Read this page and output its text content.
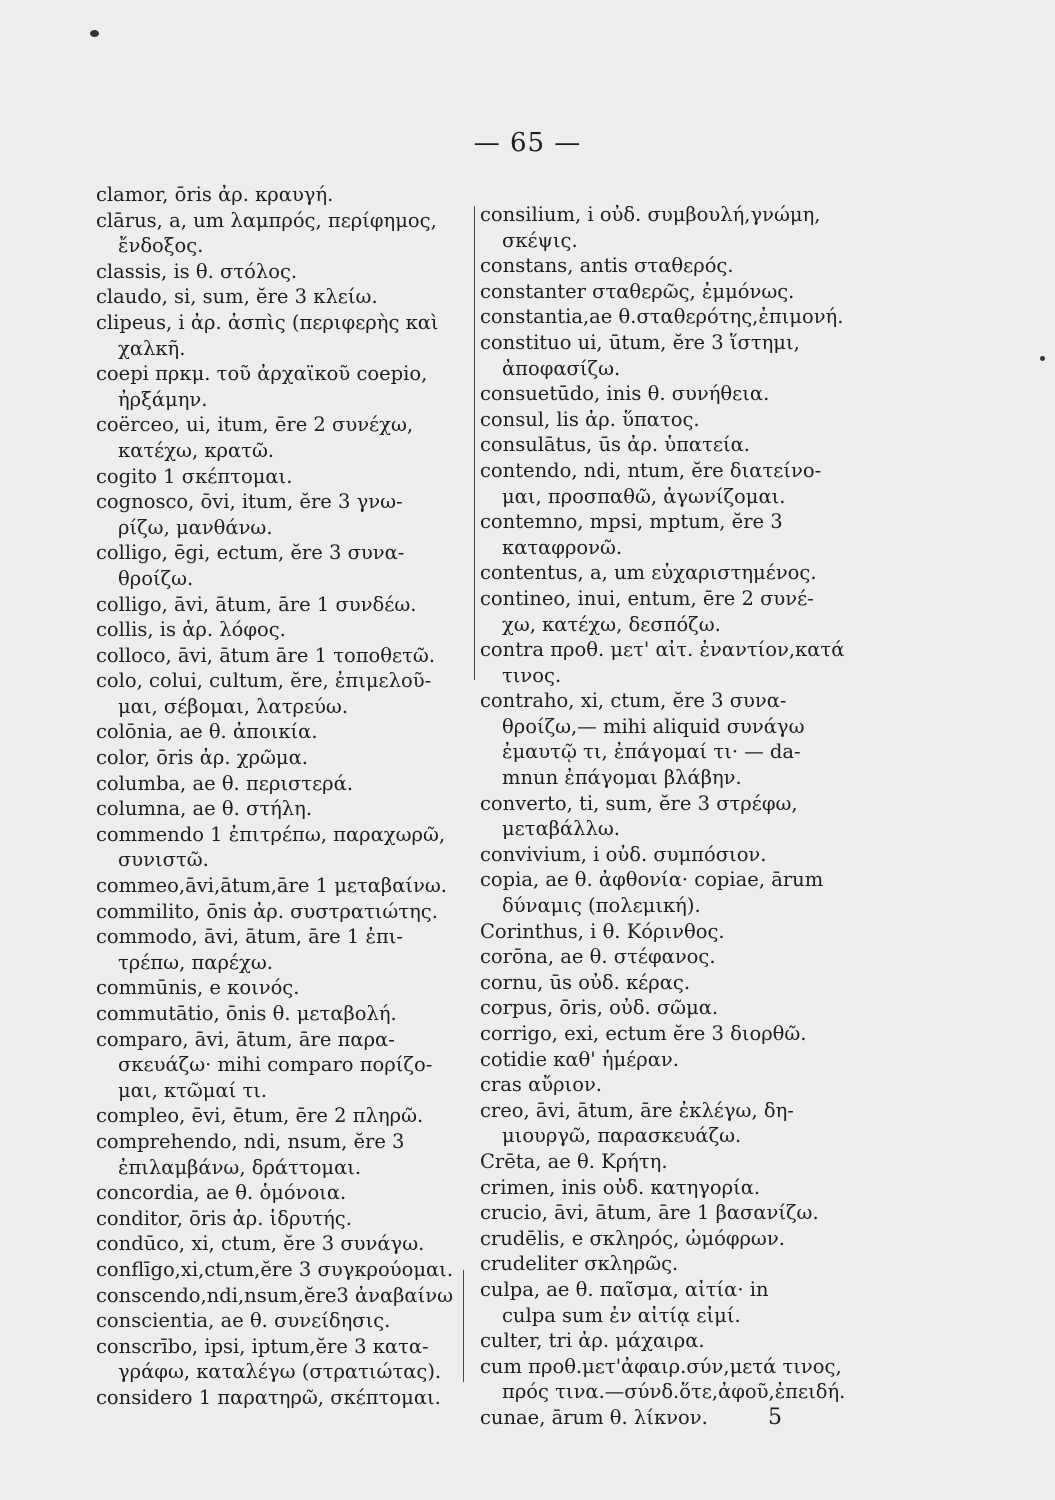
— 65 —
clamor, ōris ἀρ. κραυγή.
clārus, a, um λαμπρός, περίφημος,
ἔνδοξος.
classis, is θ. στόλος.
claudo, si, sum, ĕre 3 κλείω.
clipeus, i ἀρ. ἀσπὶς (περιφερὴς καὶ
χαλκῆ.
coepi πρκμ. τοῦ ἀρχαϊκοῦ coepio,
ἠρξάμην.
coërceo, ui, itum, ēre 2 συνέχω,
κατέχω, κρατῶ.
cogito 1 σκέπτομαι.
cognosco, ōvi, itum, ĕre 3 γνω-
ρίζω, μανθάνω.
colligo, ēgi, ectum, ĕre 3 συνα-
θροίζω.
colligo, āvi, ātum, āre 1 συνδέω.
collis, is ἀρ. λόφος.
colloco, āvi, ātum āre 1 τοποθετῶ.
colo, colui, cultum, ĕre, ἐπιμελοῦ-
μαι, σέβομαι, λατρεύω.
colōnia, ae θ. ἀποικία.
color, ōris ἀρ. χρῶμα.
columba, ae θ. περιστερά.
columna, ae θ. στήλη.
commendo 1 ἐπιτρέπω, παραχωρῶ,
συνιστῶ.
commeo,āvi,ātum,āre 1 μεταβαίνω.
commilito, ōnis ἀρ. συστρατιώτης.
commodo, āvi, ātum, āre 1 ἐπι-
τρέπω, παρέχω.
commūnis, e κοινός.
commutātio, ōnis θ. μεταβολή.
comparo, āvi, ātum, āre παρα-
σκευάζω· mihi comparo πορίζο-
μαι, κτῶμαί τι.
compleo, ēvi, ētum, ēre 2 πληρῶ.
comprehendo, ndi, nsum, ĕre 3
ἐπιλαμβάνω, δράττομαι.
concordia, ae θ. ὁμόνοια.
conditor, ōris ἀρ. ἱδρυτής.
condūco, xi, ctum, ĕre 3 συνάγω.
conflīgo,xi,ctum,ĕre 3 συγκρούομαι.
conscendo,ndi,nsum,ĕre3 ἀναβαίνω
conscientia, ae θ. συνείδησις.
conscrībo, ipsi, iptum,ĕre 3 κατα-
γράφω, καταλέγω (στρατιώτας).
considero 1 παρατηρῶ, σκέπτομαι.
consilium, i οὐδ. συμβουλή,γνώμη,
σκέψις.
constans, antis σταθερός.
constanter σταθερῶς, ἐμμόνως.
constantia,ae θ.σταθερότης,ἐπιμονή.
constituo ui, ūtum, ĕre 3 ἵστημι,
ἀποφασίζω.
consuetūdo, inis θ. συνήθεια.
consul, lis ἀρ. ὕπατος.
consulātus, ūs ἀρ. ὑπατεία.
contendo, ndi, ntum, ĕre διατείνο-
μαι, προσπαθῶ, ἀγωνίζομαι.
contemno, mpsi, mptum, ĕre 3
καταφρονῶ.
contentus, a, um εὐχαριστημένος.
contineo, inui, entum, ēre 2 συνέ-
χω, κατέχω, δεσπόζω.
contra προθ. μετ' αἰτ. ἐναντίον,κατά
τινος.
contraho, xi, ctum, ĕre 3 συνα-
θροίζω,— mihi aliquid συνάγω
ἐμαυτῷ τι, ἐπάγομαί τι· — da-
mnun ἐπάγομαι βλάβην.
converto, ti, sum, ĕre 3 στρέφω,
μεταβάλλω.
convivium, i οὐδ. συμπόσιον.
copia, ae θ. ἀφθονία· copiae, ārum
δύναμις (πολεμική).
Corinthus, i θ. Κόρινθος.
corōna, ae θ. στέφανος.
cornu, ūs οὐδ. κέρας.
corpus, ōris, οὐδ. σῶμα.
corrigo, exi, ectum ĕre 3 διορθῶ.
cotidie καθ' ἡμέραν.
cras αὔριον.
creo, āvi, ātum, āre ἐκλέγω, δη-
μιουργῶ, παρασκευάζω.
Crēta, ae θ. Κρήτη.
crimen, inis οὐδ. κατηγορία.
crucio, āvi, ātum, āre 1 βασανίζω.
crudēlis, e σκληρός, ὠμόφρων.
crudeliter σκληρῶς.
culpa, ae θ. παῖσμα, αἰτία· in
culpa sum ἐν αἰτίᾳ εἰμί.
culter, tri ἀρ. μάχαιρα.
cum προθ.μετ'ἀφαιρ.σύν,μετά τινος,
πρός τινα.—σύνδ.ὅτε,ἀφοῦ,ἐπειδή.
cunae, ārum θ. λίκνον.	5
